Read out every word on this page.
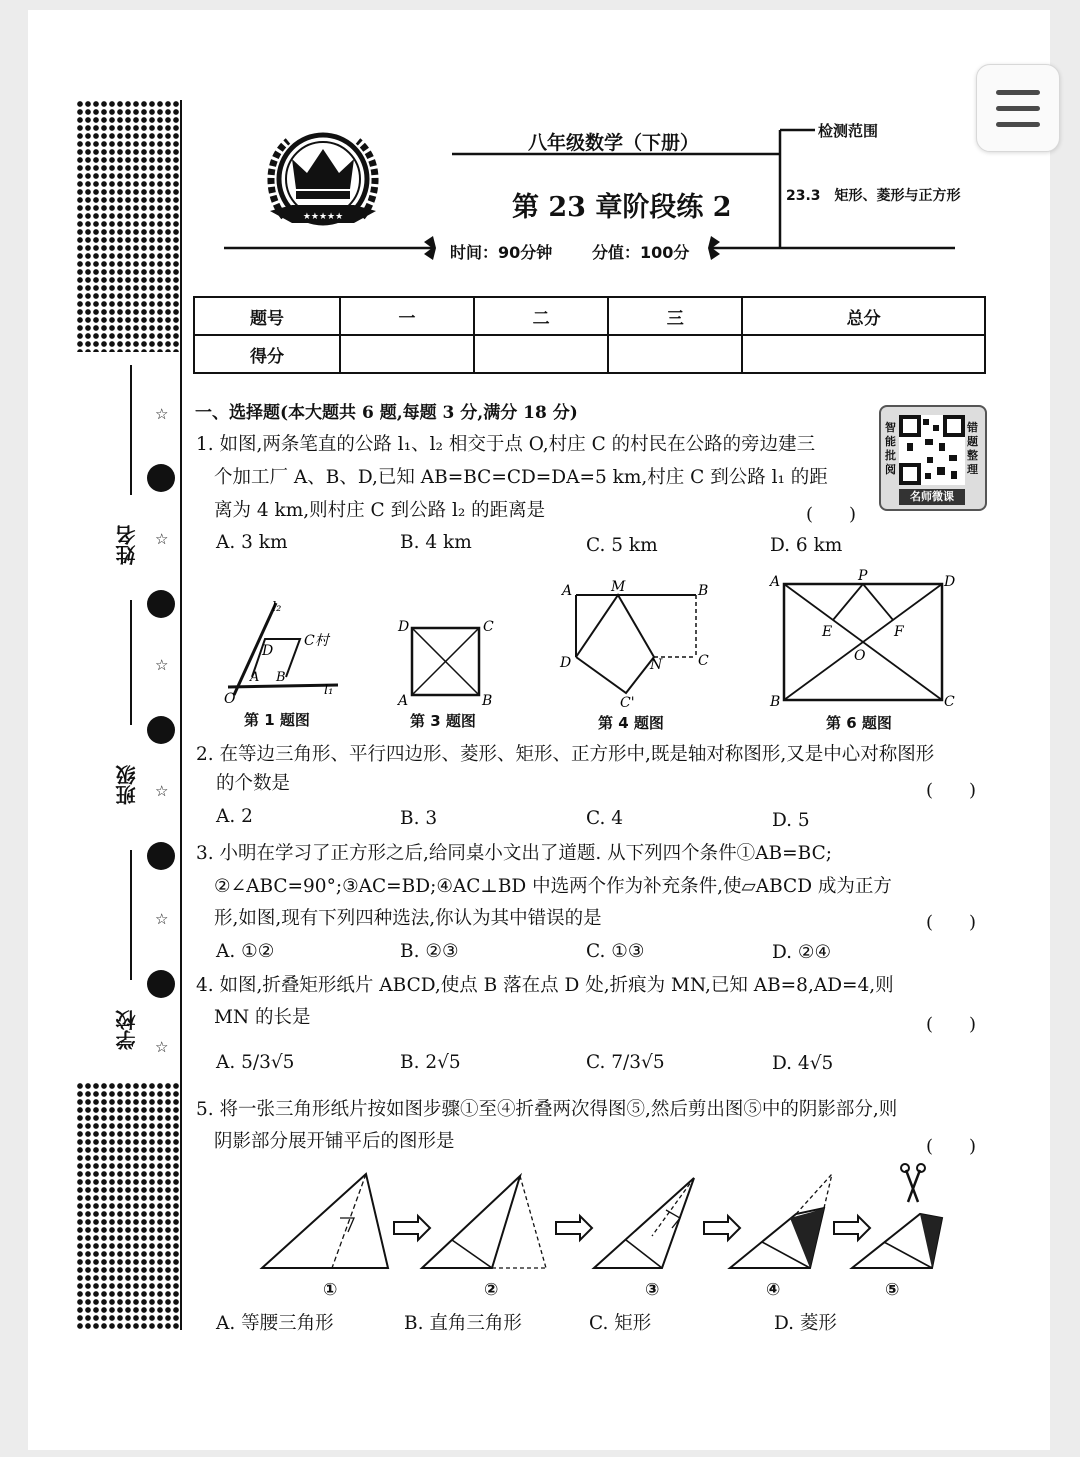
姓名
班级
学校
☆
☆
☆
☆
☆
☆
★★★★★
八年级数学（下册）
第 23 章阶段练 2
检测范围
23.3　矩形、菱形与正方形
时间：90分钟 分值：100分
题号	一	二	三	总分
得分				
智能批阅
错题整理
名师微课
一、选择题(本大题共 6 题,每题 3 分,满分 18 分)
1. 如图,两条笔直的公路 l₁、l₂ 相交于点 O,村庄 C 的村民在公路的旁边建三
个加工厂 A、B、D,已知 AB=BC=CD=DA=5 km,村庄 C 到公路 l₁ 的距
离为 4 km,则村庄 C 到公路 l₂ 的距离是	(　　)
A. 3 km	B. 4 km	C. 5 km	D. 6 km
l₂
l₁
C村
D
A B
O
第 1 题图
D	C
A	B
第 3 题图
A	M	B
D	N	C
C'
第 4 题图
A	P	D
E	F
O
B	C
第 6 题图
2. 在等边三角形、平行四边形、菱形、矩形、正方形中,既是轴对称图形,又是中心对称图形
的个数是	(　　)
A. 2	B. 3	C. 4	D. 5
3. 小明在学习了正方形之后,给同桌小文出了道题. 从下列四个条件①AB=BC;
②∠ABC=90°;③AC=BD;④AC⊥BD 中选两个作为补充条件,使▱ABCD 成为正方
形,如图,现有下列四种选法,你认为其中错误的是	(　　)
A. ①②	B. ②③	C. ①③	D. ②④
4. 如图,折叠矩形纸片 ABCD,使点 B 落在点 D 处,折痕为 MN,已知 AB=8,AD=4,则
MN 的长是	(　　)
A. 5/3√5	B. 2√5	C. 7/3√5	D. 4√5
5. 将一张三角形纸片按如图步骤①至④折叠两次得图⑤,然后剪出图⑤中的阴影部分,则
阴影部分展开铺平后的图形是	(　　)
①	②	③	④	⑤
A. 等腰三角形	B. 直角三角形	C. 矩形	D. 菱形
